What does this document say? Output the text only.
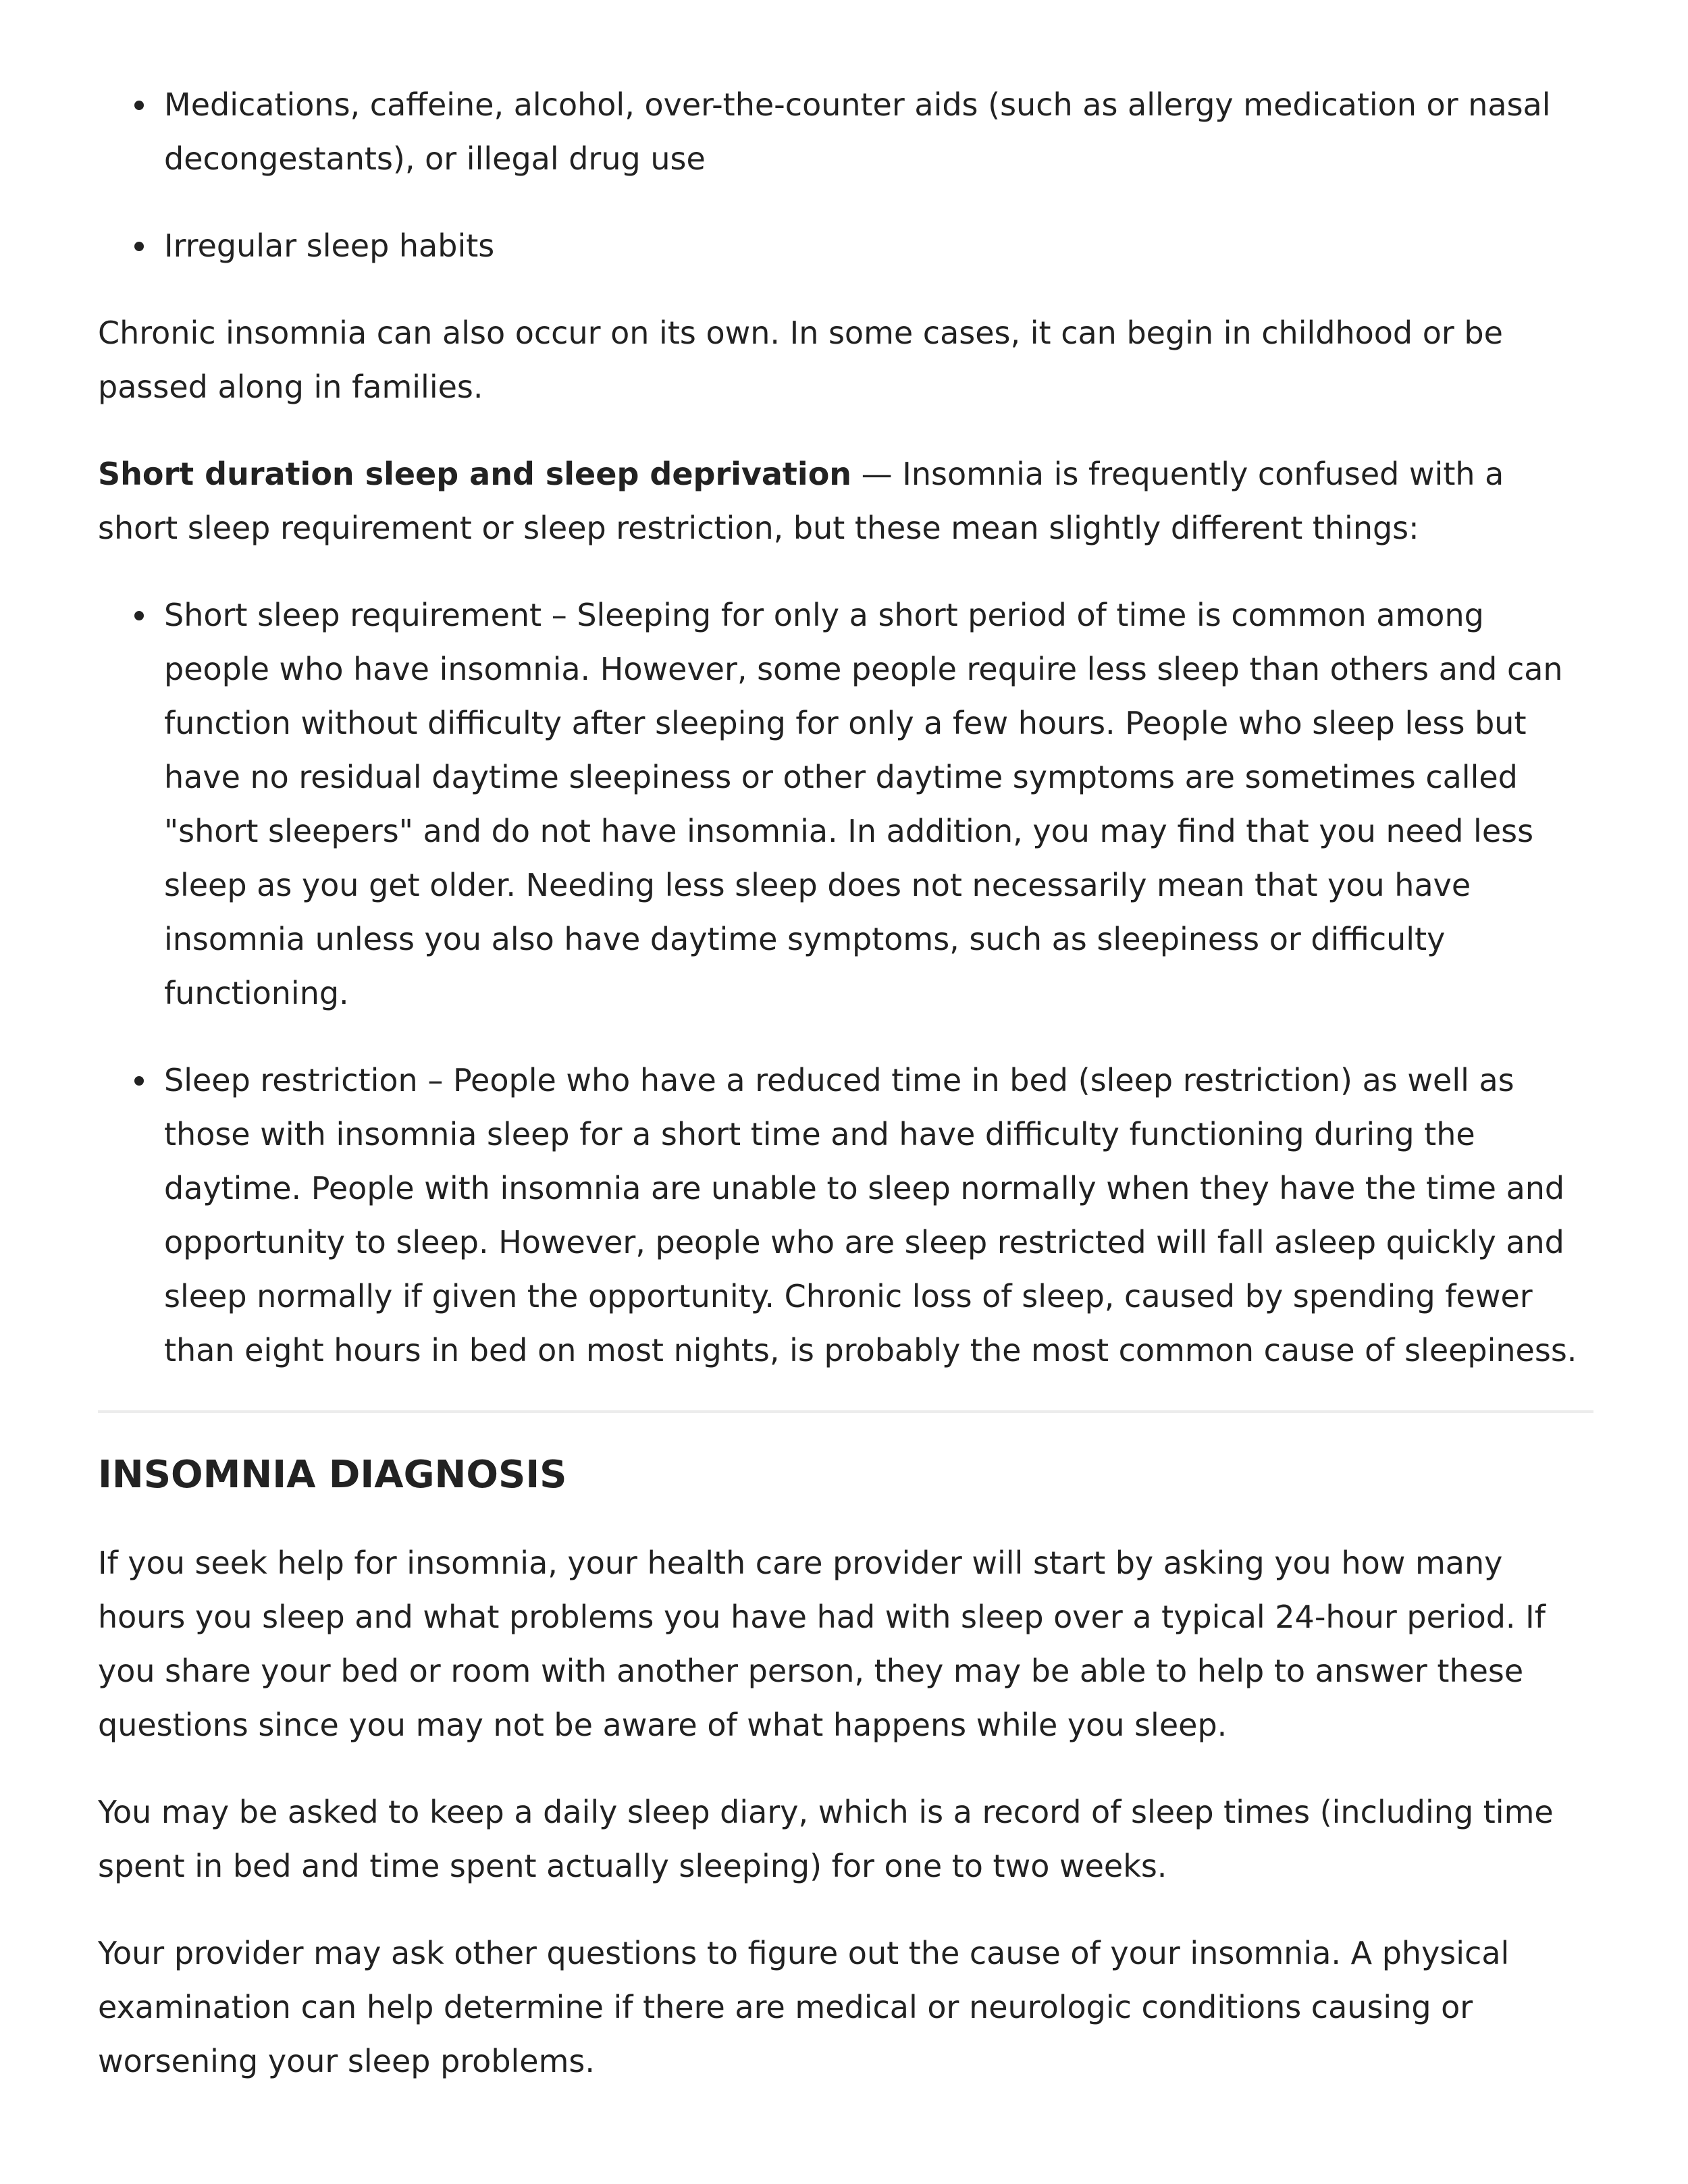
Medications, caffeine, alcohol, over-the-counter aids (such as allergy medication or nasal decongestants), or illegal drug use
Irregular sleep habits

Chronic insomnia can also occur on its own. In some cases, it can begin in childhood or be passed along in families.

Short duration sleep and sleep deprivation — Insomnia is frequently confused with a short sleep requirement or sleep restriction, but these mean slightly different things:

Short sleep requirement – Sleeping for only a short period of time is common among people who have insomnia. However, some people require less sleep than others and can function without difficulty after sleeping for only a few hours. People who sleep less but have no residual daytime sleepiness or other daytime symptoms are sometimes called "short sleepers" and do not have insomnia. In addition, you may find that you need less sleep as you get older. Needing less sleep does not necessarily mean that you have insomnia unless you also have daytime symptoms, such as sleepiness or difficulty functioning.
Sleep restriction – People who have a reduced time in bed (sleep restriction) as well as those with insomnia sleep for a short time and have difficulty functioning during the daytime. People with insomnia are unable to sleep normally when they have the time and opportunity to sleep. However, people who are sleep restricted will fall asleep quickly and sleep normally if given the opportunity. Chronic loss of sleep, caused by spending fewer than eight hours in bed on most nights, is probably the most common cause of sleepiness.
INSOMNIA DIAGNOSIS

If you seek help for insomnia, your health care provider will start by asking you how many hours you sleep and what problems you have had with sleep over a typical 24-hour period. If you share your bed or room with another person, they may be able to help to answer these questions since you may not be aware of what happens while you sleep.

You may be asked to keep a daily sleep diary, which is a record of sleep times (including time spent in bed and time spent actually sleeping) for one to two weeks.

Your provider may ask other questions to figure out the cause of your insomnia. A physical examination can help determine if there are medical or neurologic conditions causing or worsening your sleep problems.
